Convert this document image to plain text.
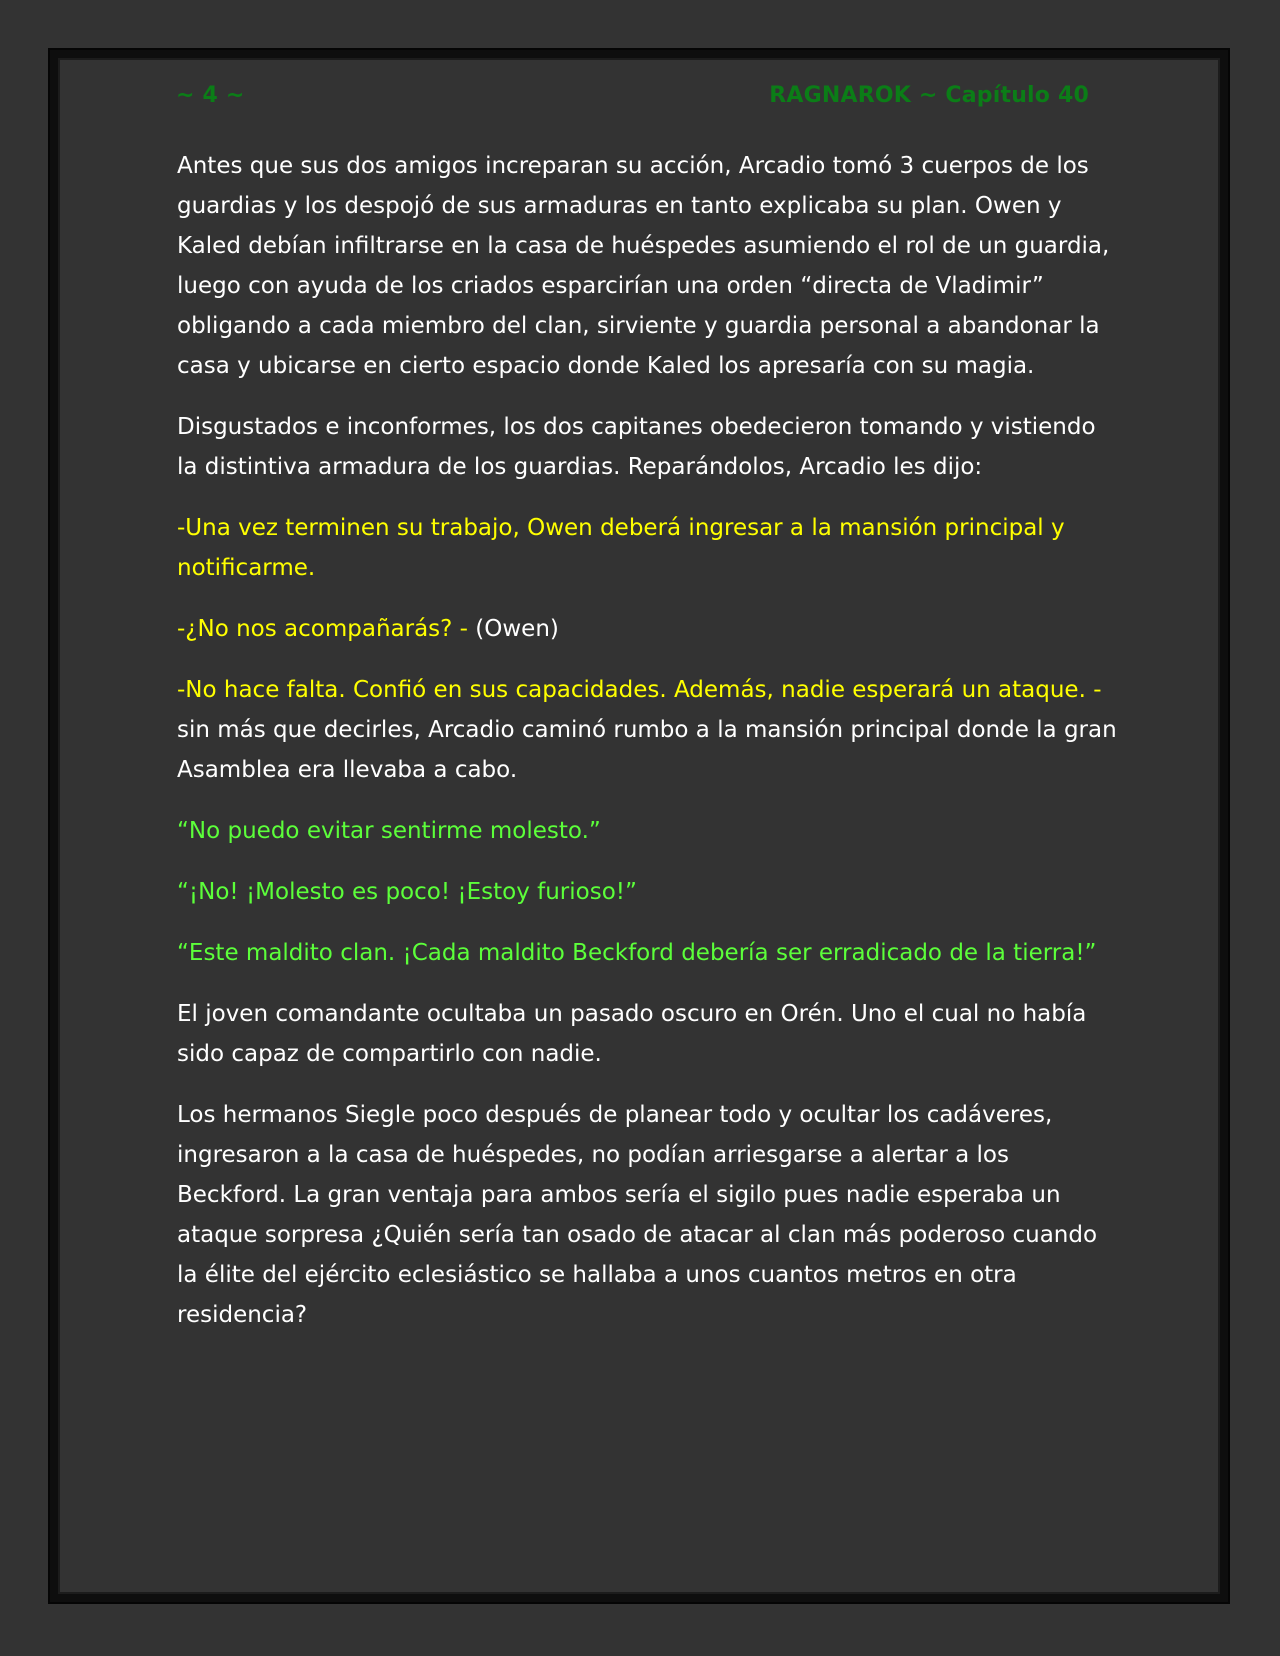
~ 4 ~	RAGNAROK ~ Capítulo 40

Antes que sus dos amigos increparan su acción, Arcadio tomó 3 cuerpos de los guardias y los despojó de sus armaduras en tanto explicaba su plan. Owen y Kaled debían infiltrarse en la casa de huéspedes asumiendo el rol de un guardia, luego con ayuda de los criados esparcirían una orden “directa de Vladimir” obligando a cada miembro del clan, sirviente y guardia personal a abandonar la casa y ubicarse en cierto espacio donde Kaled los apresaría con su magia.

Disgustados e inconformes, los dos capitanes obedecieron tomando y vistiendo la distintiva armadura de los guardias. Reparándolos, Arcadio les dijo:

-Una vez terminen su trabajo, Owen deberá ingresar a la mansión principal y notificarme.

-¿No nos acompañarás? - (Owen)

-No hace falta. Confió en sus capacidades. Además, nadie esperará un ataque. - sin más que decirles, Arcadio caminó rumbo a la mansión principal donde la gran Asamblea era llevaba a cabo.

“No puedo evitar sentirme molesto.”

“¡No! ¡Molesto es poco! ¡Estoy furioso!”

“Este maldito clan. ¡Cada maldito Beckford debería ser erradicado de la tierra!”

El joven comandante ocultaba un pasado oscuro en Orén. Uno el cual no había sido capaz de compartirlo con nadie.

Los hermanos Siegle poco después de planear todo y ocultar los cadáveres, ingresaron a la casa de huéspedes, no podían arriesgarse a alertar a los Beckford. La gran ventaja para ambos sería el sigilo pues nadie esperaba un ataque sorpresa ¿Quién sería tan osado de atacar al clan más poderoso cuando la élite del ejército eclesiástico se hallaba a unos cuantos metros en otra residencia?
